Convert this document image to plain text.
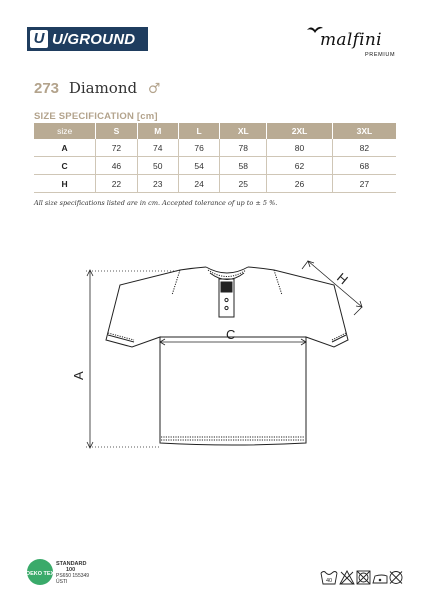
U U/GROUND	malfini
PREMIUM
273 Diamond ♂
SIZE SPECIFICATION [cm]
size	S	M	L	XL	2XL	3XL
A	72	74	76	78	80	82
C	46	50	54	58	62	68
H	22	23	24	25	26	27
All size specifications listed are in cm. Accepted tolerance of up to ± 5 %.
A
C
H
OEKO TEX
STANDARD
100
PS650 155349
ÚSTI	40
